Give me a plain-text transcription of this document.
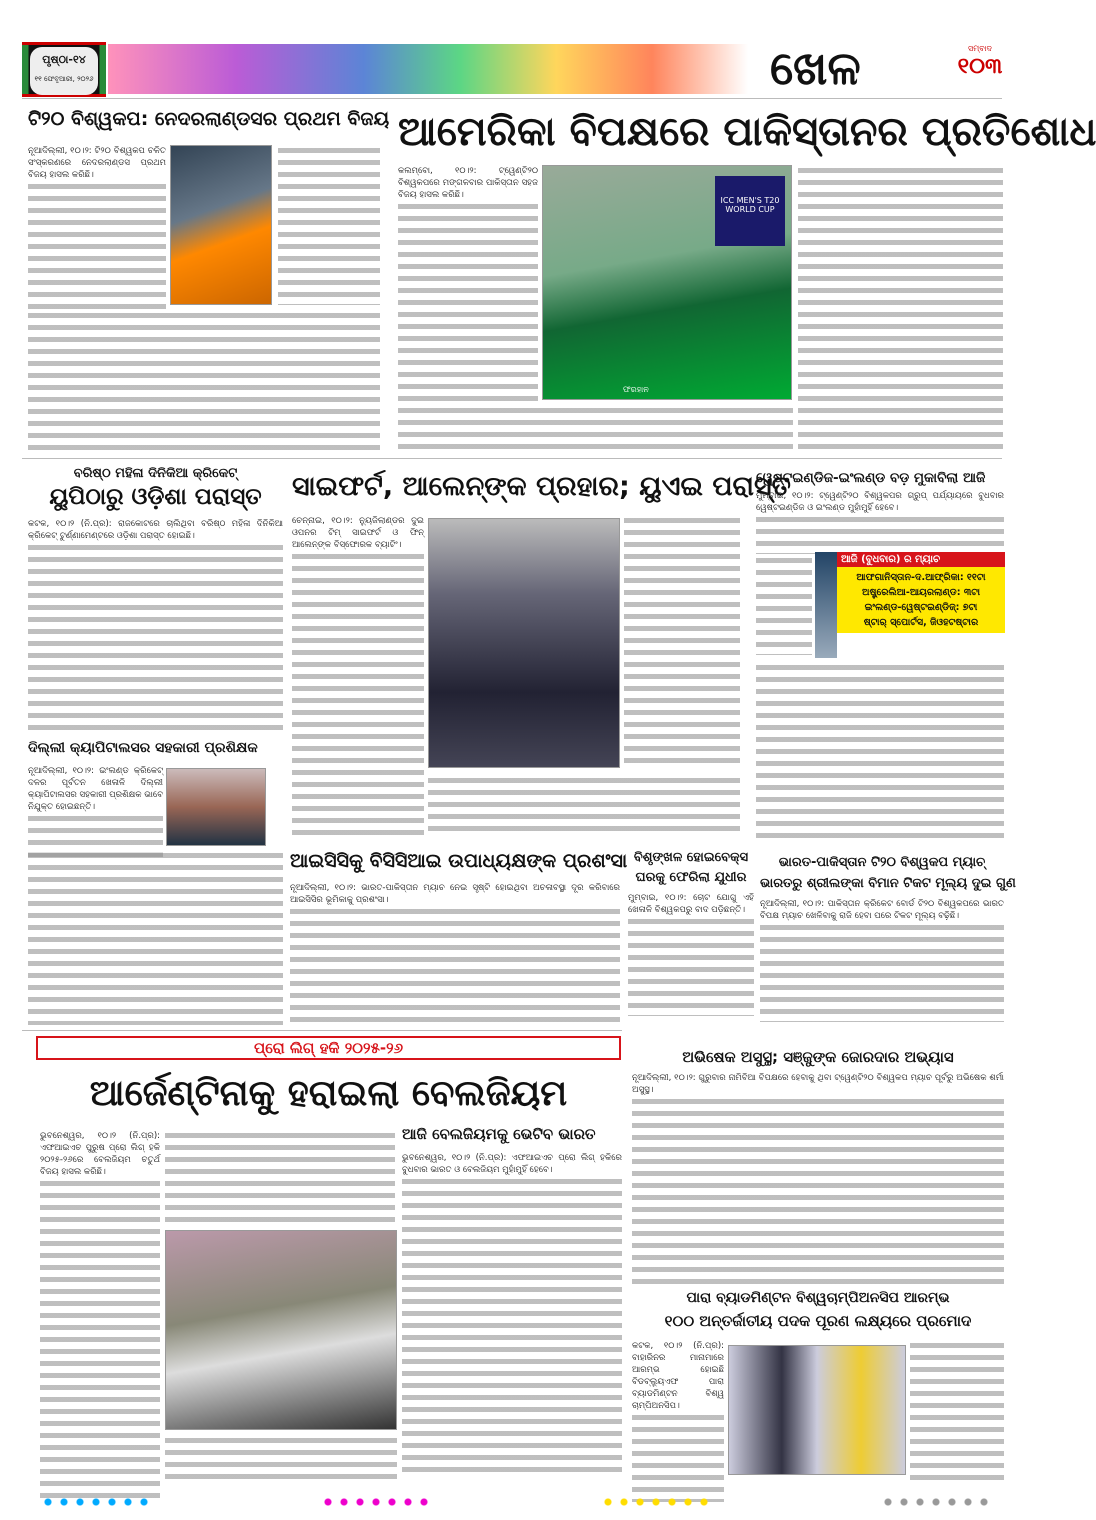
ପୃଷ୍ଠା-୧୪
୧୧ ଫେବୃଆରୀ, ୨୦୨୬	ଖେଳ	ସମ୍ବାଦ
୧୦୩
ଟି୨୦ ବିଶ୍ୱକପ: ନେଦରଲାଣ୍ଡସର ପ୍ରଥମ ବିଜୟ
ନୂଆଦିଲ୍ଲୀ, ୧୦।୨: ଟି୨୦ ବିଶ୍ୱକପ ଚଳିତ ସଂସ୍କରଣରେ ନେଦରଲାଣ୍ଡସ ପ୍ରଥମ ବିଜୟ ହାସଲ କରିଛି।
ଆମେରିକା ବିପକ୍ଷରେ ପାକିସ୍ତାନର ପ୍ରତିଶୋଧ
କଲମ୍ବୋ, ୧୦।୨: ଟ୍ୱେଣ୍ଟି୨୦ ବିଶ୍ୱକପରେ ମଙ୍ଗଳବାର ପାକିସ୍ତାନ ସହଜ ବିଜୟ ହାସଲ କରିଛି।
ICC MEN'S T20 WORLD CUP
ଫରହାନ
ବରିଷ୍ଠ ମହିଳା ଦିନିକିଆ କ୍ରିକେଟ୍
ୟୁପିଠାରୁ ଓଡ଼ିଶା ପରାସ୍ତ
କଟକ, ୧୦।୨ (ନି.ପ୍ର): ରାଜକୋଟରେ ଚାଲିଥିବା ବରିଷ୍ଠ ମହିଳା ଦିନିକିଆ କ୍ରିକେଟ୍ ଟୁର୍ଣ୍ଣାମେଣ୍ଟରେ ଓଡ଼ିଶା ପରାସ୍ତ ହୋଇଛି।
ସାଇଫର୍ଟ, ଆଲେନ୍‌ଙ୍କ ପ୍ରହାର; ୟୁଏଇ ପରାସ୍ତ
ଚେନ୍ନାଇ, ୧୦।୨: ନ୍ୟୁଜିଲାଣ୍ଡର ଦୁଇ ଓପନର ଟିମ୍ ସାଇଫର୍ଟ ଓ ଫିନ୍ ଆଲେନ୍‌ଙ୍କ ବିସ୍ଫୋରକ ବ୍ୟାଟିଂ।
ୱେଷ୍ଟଇଣ୍ଡିଜ-ଇଂଲଣ୍ଡ ବଡ଼ ମୁକାବିଲା ଆଜି
ମୁମ୍ବାଇ, ୧୦।୨: ଟ୍ୱେଣ୍ଟି୨୦ ବିଶ୍ୱକପର ଗ୍ରୁପ୍ ପର୍ଯ୍ୟାୟରେ ବୁଧବାର ୱେଷ୍ଟଇଣ୍ଡିଜ ଓ ଇଂଲଣ୍ଡ ମୁହାଁମୁହିଁ ହେବେ।
ଆଜି (ବୁଧବାର) ର ମ୍ୟାଚ
ଆଫଗାନିସ୍ତାନ-ଦ.ଆଫ୍ରିକା: ୧୧ଟା
ଅଷ୍ଟ୍ରେଲିଆ-ଆୟରଲାଣ୍ଡ: ୩ଟା
ଇଂଲଣ୍ଡ-ୱେଷ୍ଟଇଣ୍ଡିଜ୍: ୭ଟା
ଷ୍ଟାର୍ ସ୍ପୋର୍ଟସ, ଜିଓହଟଷ୍ଟାର
ଦିଲ୍ଲୀ କ୍ୟାପିଟାଲସର ସହକାରୀ ପ୍ରଶିକ୍ଷକ
ନୂଆଦିଲ୍ଲୀ, ୧୦।୨: ଇଂଲଣ୍ଡ କ୍ରିକେଟ୍ ଦଳର ପୂର୍ବତନ ଖେଳାଳି ଦିଲ୍ଲୀ କ୍ୟାପିଟାଲସର ସହକାରୀ ପ୍ରଶିକ୍ଷକ ଭାବେ ନିଯୁକ୍ତ ହୋଇଛନ୍ତି।
ଆଇସିସିକୁ ବିସିସିଆଇ ଉପାଧ୍ୟକ୍ଷଙ୍କ ପ୍ରଶଂସା
ନୂଆଦିଲ୍ଲୀ, ୧୦।୨: ଭାରତ-ପାକିସ୍ତାନ ମ୍ୟାଚ ନେଇ ସୃଷ୍ଟି ହୋଇଥିବା ଅଚଳାବସ୍ଥା ଦୂର କରିବାରେ ଆଇସିସିର ଭୂମିକାକୁ ପ୍ରଶଂସା।
ବିଶୃଙ୍ଖଳ ହୋଇବେକ୍ସ
ଘରକୁ ଫେରିଲା ଯୁଧୀର
ମୁମ୍ବାଇ, ୧୦।୨: ଚୋଟ ଯୋଗୁ ଏହି ଖେଳାଳି ବିଶ୍ୱକପରୁ ବାଦ ପଡ଼ିଛନ୍ତି।
ଭାରତ-ପାକିସ୍ତାନ ଟି୨୦ ବିଶ୍ୱକପ ମ୍ୟାଚ୍
ଭାରତରୁ ଶ୍ରୀଲଙ୍କା ବିମାନ ଟିକଟ ମୂଲ୍ୟ ଦୁଇ ଗୁଣ
ନୂଆଦିଲ୍ଲୀ, ୧୦।୨: ପାକିସ୍ତାନ କ୍ରିକେଟ ବୋର୍ଡ ଟି୨୦ ବିଶ୍ୱକପରେ ଭାରତ ବିପକ୍ଷ ମ୍ୟାଚ ଖେଳିବାକୁ ରାଜି ହେବା ପରେ ଟିକଟ ମୂଲ୍ୟ ବଢ଼ିଛି।
ପ୍ରୋ ଲିଗ୍ ହକି ୨୦୨୫-୨୬
ଆର୍ଜେଣ୍ଟିନାକୁ ହରାଇଲା ବେଲଜିୟମ
ଭୁବନେଶ୍ୱର, ୧୦।୨ (ନି.ପ୍ର): ଏଫଆଇଏଚ ପୁରୁଷ ପ୍ରୋ ଲିଗ୍ ହକି ୨୦୨୫-୨୬ରେ ବେଲଜିୟମ ଚତୁର୍ଥ ବିଜୟ ହାସଲ କରିଛି।
ଆଜି ବେଲଜିୟମକୁ ଭେଟିବ ଭାରତ
ଭୁବନେଶ୍ୱର, ୧୦।୨ (ନି.ପ୍ର): ଏଫଆଇଏଚ ପ୍ରୋ ଲିଗ୍ ହକିରେ ବୁଧବାର ଭାରତ ଓ ବେଲଜିୟମ ମୁହାଁମୁହିଁ ହେବେ।
ଅଭିଷେକ ଅସୁସ୍ଥ; ସଞ୍ଜୁଙ୍କ ଜୋରଦାର ଅଭ୍ୟାସ
ନୂଆଦିଲ୍ଲୀ, ୧୦।୨: ଗୁରୁବାର ନାମିବିଆ ବିପକ୍ଷରେ ହେବାକୁ ଥିବା ଟ୍ୱେଣ୍ଟି୨୦ ବିଶ୍ୱକପ ମ୍ୟାଚ ପୂର୍ବରୁ ଅଭିଷେକ ଶର୍ମା ଅସୁସ୍ଥ।
ପାରା ବ୍ୟାଡମିଣ୍ଟନ ବିଶ୍ୱଚାମ୍ପିଅନସିପ ଆରମ୍ଭ
୧୦୦ ଅନ୍ତର୍ଜାତୀୟ ପଦକ ପୂରଣ ଲକ୍ଷ୍ୟରେ ପ୍ରମୋଦ
କଟକ, ୧୦।୨ (ନି.ପ୍ର): ବାହାରିନର ମାନାମାରେ ଆରମ୍ଭ ହୋଇଛି ବିଡବ୍ଲ୍ୟୁଏଫ ପାରା ବ୍ୟାଡମିଣ୍ଟନ ବିଶ୍ୱ ଚାମ୍ପିଅନସିପ।
